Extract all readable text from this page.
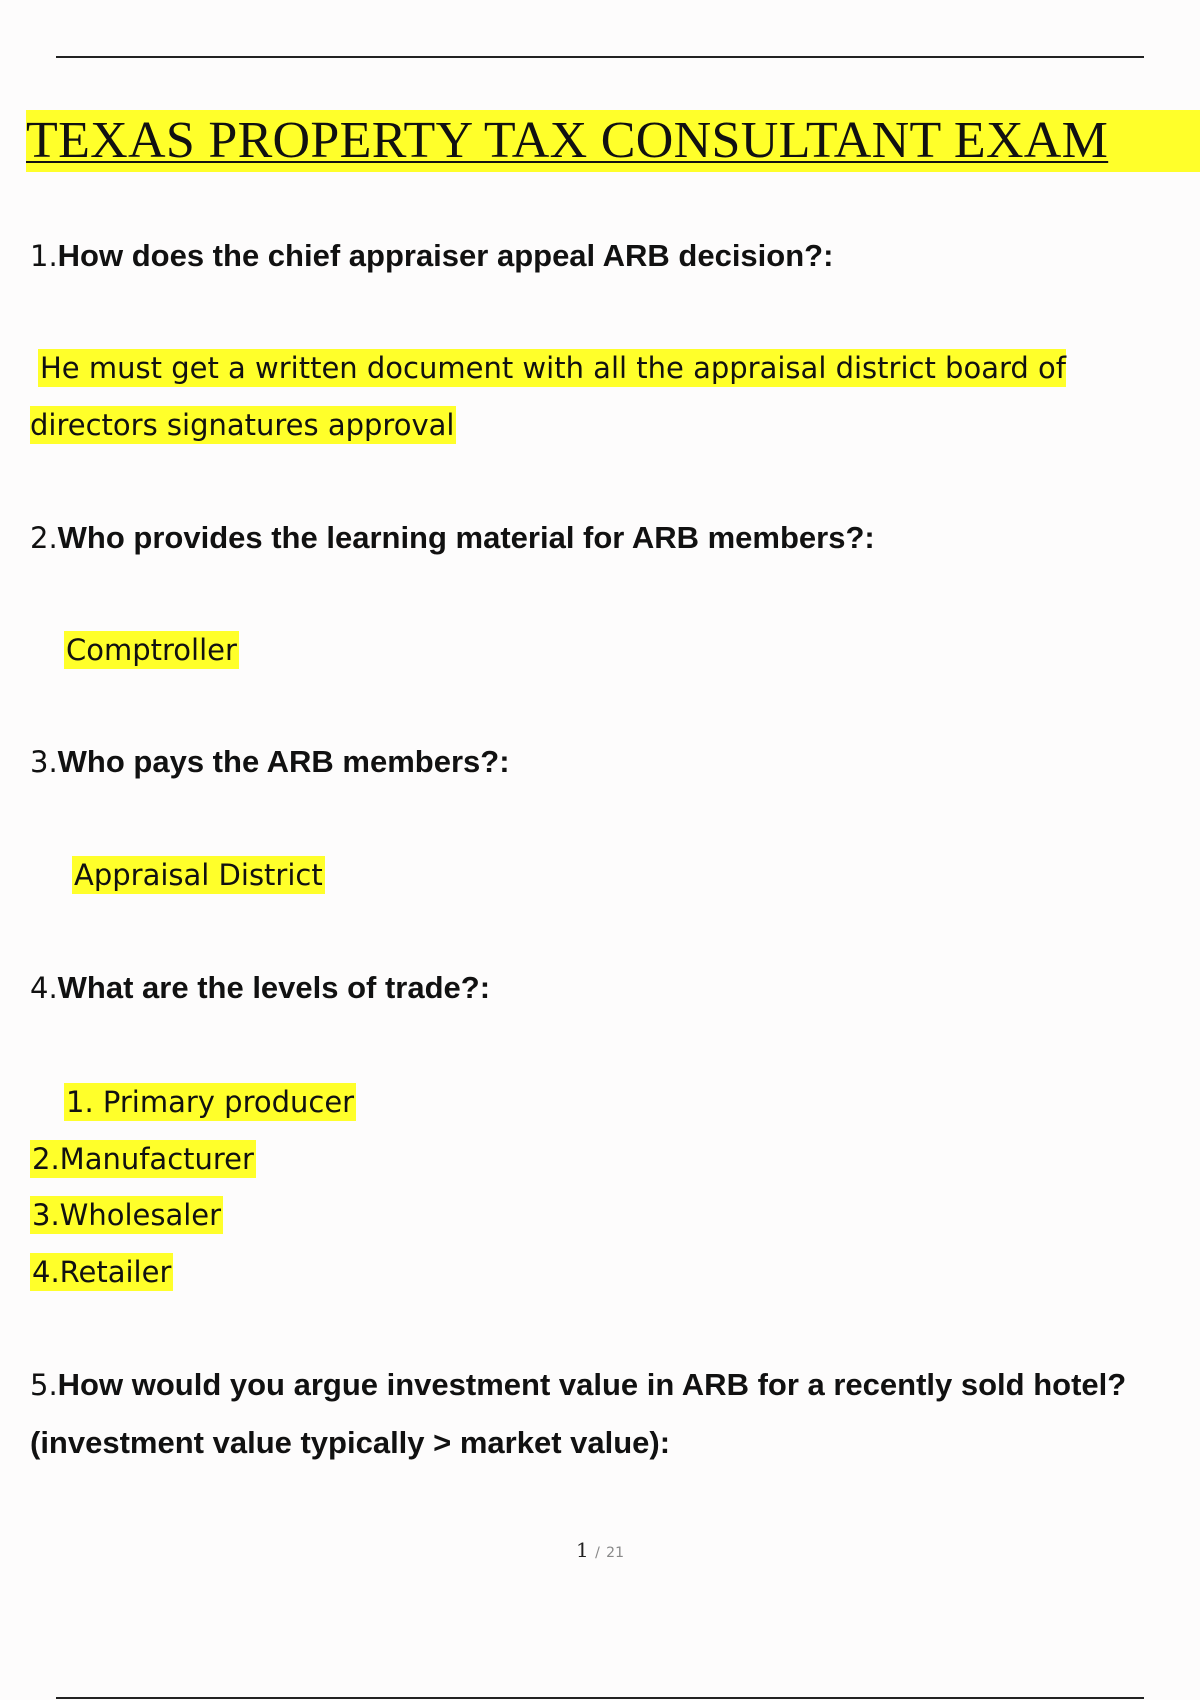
TEXAS PROPERTY TAX CONSULTANT EXAM
1.How does the chief appraiser appeal ARB decision?:
He must get a written document with all the appraisal district board of directors signatures approval
2.Who provides the learning material for ARB members?:
Comptroller
3.Who pays the ARB members?:
Appraisal District
4.What are the levels of trade?:
1. Primary producer
2.Manufacturer
3.Wholesaler
4.Retailer
5.How would you argue investment value in ARB for a recently sold hotel? (investment value typically > market value):
1 / 21
